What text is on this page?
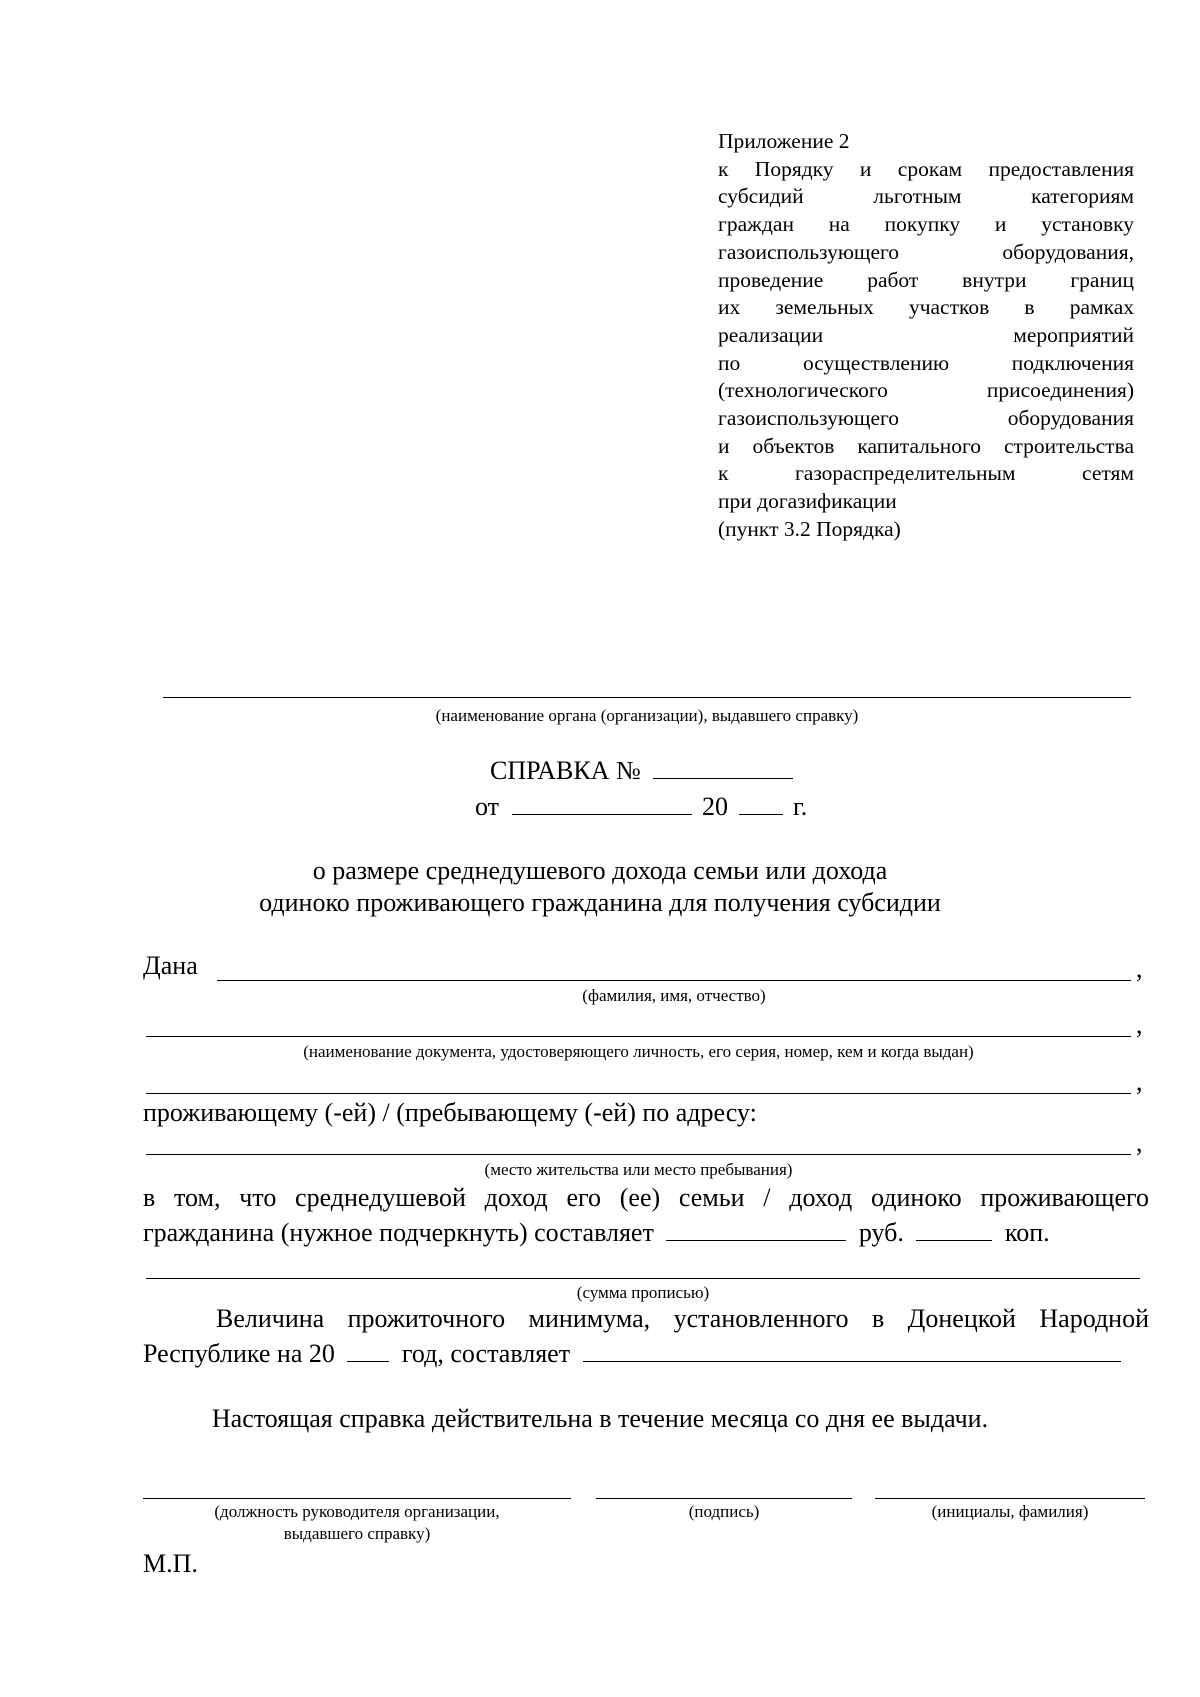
Приложение 2
к Порядку и срокам предоставления
субсидий льготным категориям
граждан на покупку и установку
газоиспользующего оборудования,
проведение работ внутри границ
их земельных участков в рамках
реализации мероприятий
по осуществлению подключения
(технологического присоединения)
газоиспользующего оборудования
и объектов капитального строительства
к газораспределительным сетям
при догазификации
(пункт 3.2 Порядка)
(наименование органа (организации), выдавшего справку)
СПРАВКА №
от	20	г.
о размере среднедушевого дохода семьи или дохода
одиноко проживающего гражданина для получения субсидии
Дана	,
(фамилия, имя, отчество)
,
(наименование документа, удостоверяющего личность, его серия, номер, кем и когда выдан)
,
проживающему (-ей) / (пребывающему (-ей) по адресу:
,
(место жительства или место пребывания)
в том, что среднедушевой доход его (ее) семьи / доход одиноко проживающего
гражданина (нужное подчеркнуть) составляет	руб.	коп.
(сумма прописью)
Величина прожиточного минимума, установленного в Донецкой Народной
Республике на 20	год, составляет
Настоящая справка действительна в течение месяца со дня ее выдачи.
(должность руководителя организации,
выдавшего справку)
(подпись)	(инициалы, фамилия)
М.П.
